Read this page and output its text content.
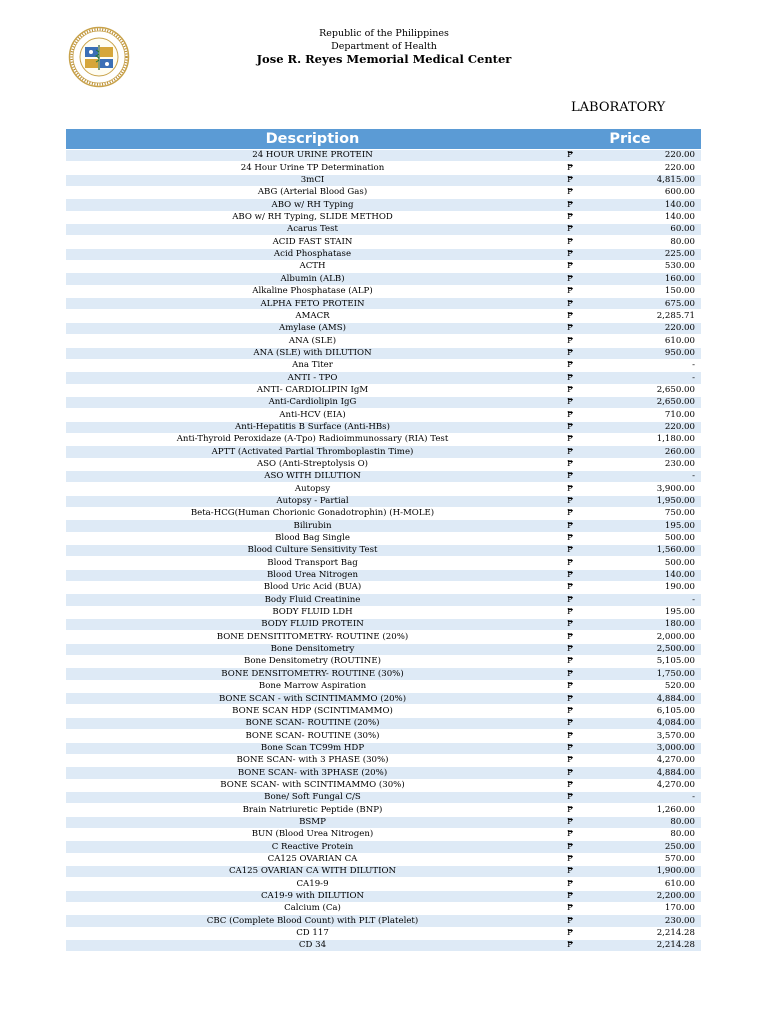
Republic of the Philippines
Department of Health
Jose R. Reyes Memorial Medical Center
LABORATORY
Description	Price	
24 HOUR URINE PROTEIN	₱	220.00
24 Hour Urine TP Determination	₱	220.00
3mCI	₱	4,815.00
ABG (Arterial Blood Gas)	₱	600.00
ABO w/ RH Typing	₱	140.00
ABO w/ RH Typing, SLIDE METHOD	₱	140.00
Acarus Test	₱	60.00
ACID FAST STAIN	₱	80.00
Acid Phosphatase	₱	225.00
ACTH	₱	530.00
Albumin (ALB)	₱	160.00
Alkaline Phosphatase (ALP)	₱	150.00
ALPHA FETO PROTEIN	₱	675.00
AMACR	₱	2,285.71
Amylase (AMS)	₱	220.00
ANA (SLE)	₱	610.00
ANA (SLE) with DILUTION	₱	950.00
Ana Titer	₱	-
ANTI - TPO	₱	-
ANTI- CARDIOLIPIN IgM	₱	2,650.00
Anti-Cardiolipin IgG	₱	2,650.00
Anti-HCV (EIA)	₱	710.00
Anti-Hepatitis B Surface (Anti-HBs)	₱	220.00
Anti-Thyroid Peroxidaze (A-Tpo) Radioimmunossary (RIA) Test	₱	1,180.00
APTT (Activated Partial Thromboplastin Time)	₱	260.00
ASO (Anti-Streptolysis O)	₱	230.00
ASO WITH DILUTION	₱	-
Autopsy	₱	3,900.00
Autopsy - Partial	₱	1,950.00
Beta-HCG(Human Chorionic Gonadotrophin) (H-MOLE)	₱	750.00
Bilirubin	₱	195.00
Blood Bag Single	₱	500.00
Blood Culture Sensitivity Test	₱	1,560.00
Blood Transport Bag	₱	500.00
Blood Urea Nitrogen	₱	140.00
Blood Uric Acid (BUA)	₱	190.00
Body Fluid Creatinine	₱	-
BODY FLUID LDH	₱	195.00
BODY FLUID PROTEIN	₱	180.00
BONE DENSITITOMETRY- ROUTINE (20%)	₱	2,000.00
Bone Densitometry	₱	2,500.00
Bone Densitometry (ROUTINE)	₱	5,105.00
BONE DENSITOMETRY- ROUTINE (30%)	₱	1,750.00
Bone Marrow Aspiration	₱	520.00
BONE SCAN - with SCINTIMAMMO (20%)	₱	4,884.00
BONE SCAN HDP (SCINTIMAMMO)	₱	6,105.00
BONE SCAN- ROUTINE (20%)	₱	4,084.00
BONE SCAN- ROUTINE (30%)	₱	3,570.00
Bone Scan TC99m HDP	₱	3,000.00
BONE SCAN- with 3 PHASE (30%)	₱	4,270.00
BONE SCAN- with 3PHASE (20%)	₱	4,884.00
BONE SCAN- with SCINTIMAMMO (30%)	₱	4,270.00
Bone/ Soft Fungal C/S	₱	-
Brain Natriuretic Peptide (BNP)	₱	1,260.00
BSMP	₱	80.00
BUN (Blood Urea Nitrogen)	₱	80.00
C Reactive Protein	₱	250.00
CA125 OVARIAN CA	₱	570.00
CA125 OVARIAN CA WITH DILUTION	₱	1,900.00
CA19-9	₱	610.00
CA19-9 with DILUTION	₱	2,200.00
Calcium (Ca)	₱	170.00
CBC (Complete Blood Count) with PLT (Platelet)	₱	230.00
CD 117	₱	2,214.28
CD 34	₱	2,214.28
